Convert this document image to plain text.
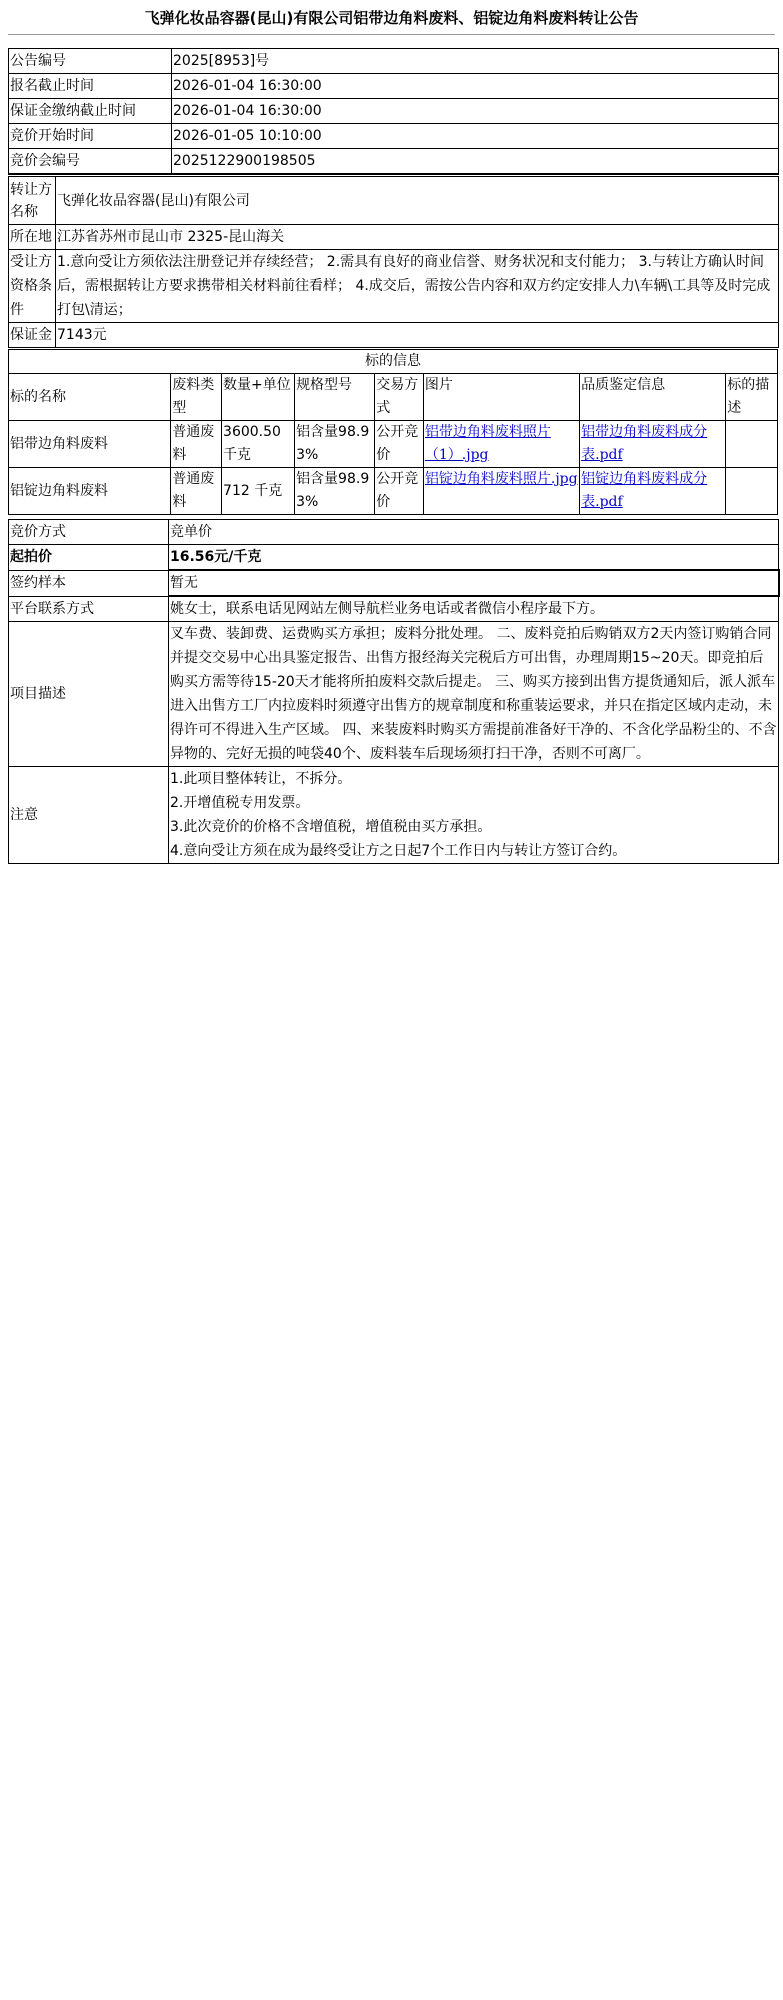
飞弹化妆品容器(昆山)有限公司铝带边角料废料、铝锭边角料废料转让公告
公告编号	2025[8953]号
报名截止时间	2026-01-04 16:30:00
保证金缴纳截止时间	2026-01-04 16:30:00
竞价开始时间	2026-01-05 10:10:00
竞价会编号	2025122900198505
转让方名称	飞弹化妆品容器(昆山)有限公司
所在地	江苏省苏州市昆山市 2325-昆山海关
受让方资格条件	1.意向受让方须依法注册登记并存续经营； 2.需具有良好的商业信誉、财务状况和支付能力； 3.与转让方确认时间后，需根据转让方要求携带相关材料前往看样； 4.成交后，需按公告内容和双方约定安排人力\车辆\工具等及时完成打包\清运；
保证金	7143元
标的信息							
标的名称	废料类型	数量+单位	规格型号	交易方式	图片	品质鉴定信息	标的描述
铝带边角料废料	普通废料	3600.50 千克	铝含量98.93%	公开竞价	铝带边角料废料照片（1）.jpg	铝带边角料废料成分表.pdf	
铝锭边角料废料	普通废料	712 千克	铝含量98.93%	公开竞价	铝锭边角料废料照片.jpg	铝锭边角料废料成分表.pdf	
竞价方式	竞单价
起拍价	16.56元/千克
签约样本	暂无
平台联系方式	姚女士，联系电话见网站左侧导航栏业务电话或者微信小程序最下方。
项目描述	叉车费、装卸费、运费购买方承担；废料分批处理。 二、废料竞拍后购销双方2天内签订购销合同并提交交易中心出具鉴定报告、出售方报经海关完税后方可出售，办理周期15~20天。即竞拍后购买方需等待15-20天才能将所拍废料交款后提走。 三、购买方接到出售方提货通知后，派人派车进入出售方工厂内拉废料时须遵守出售方的规章制度和称重装运要求，并只在指定区域内走动，未得许可不得进入生产区域。 四、来装废料时购买方需提前准备好干净的、不含化学品粉尘的、不含异物的、完好无损的吨袋40个、废料装车后现场须打扫干净，否则不可离厂。
注意	1.此项目整体转让，不拆分。
2.开增值税专用发票。
3.此次竞价的价格不含增值税，增值税由买方承担。
4.意向受让方须在成为最终受让方之日起7个工作日内与转让方签订合约。
